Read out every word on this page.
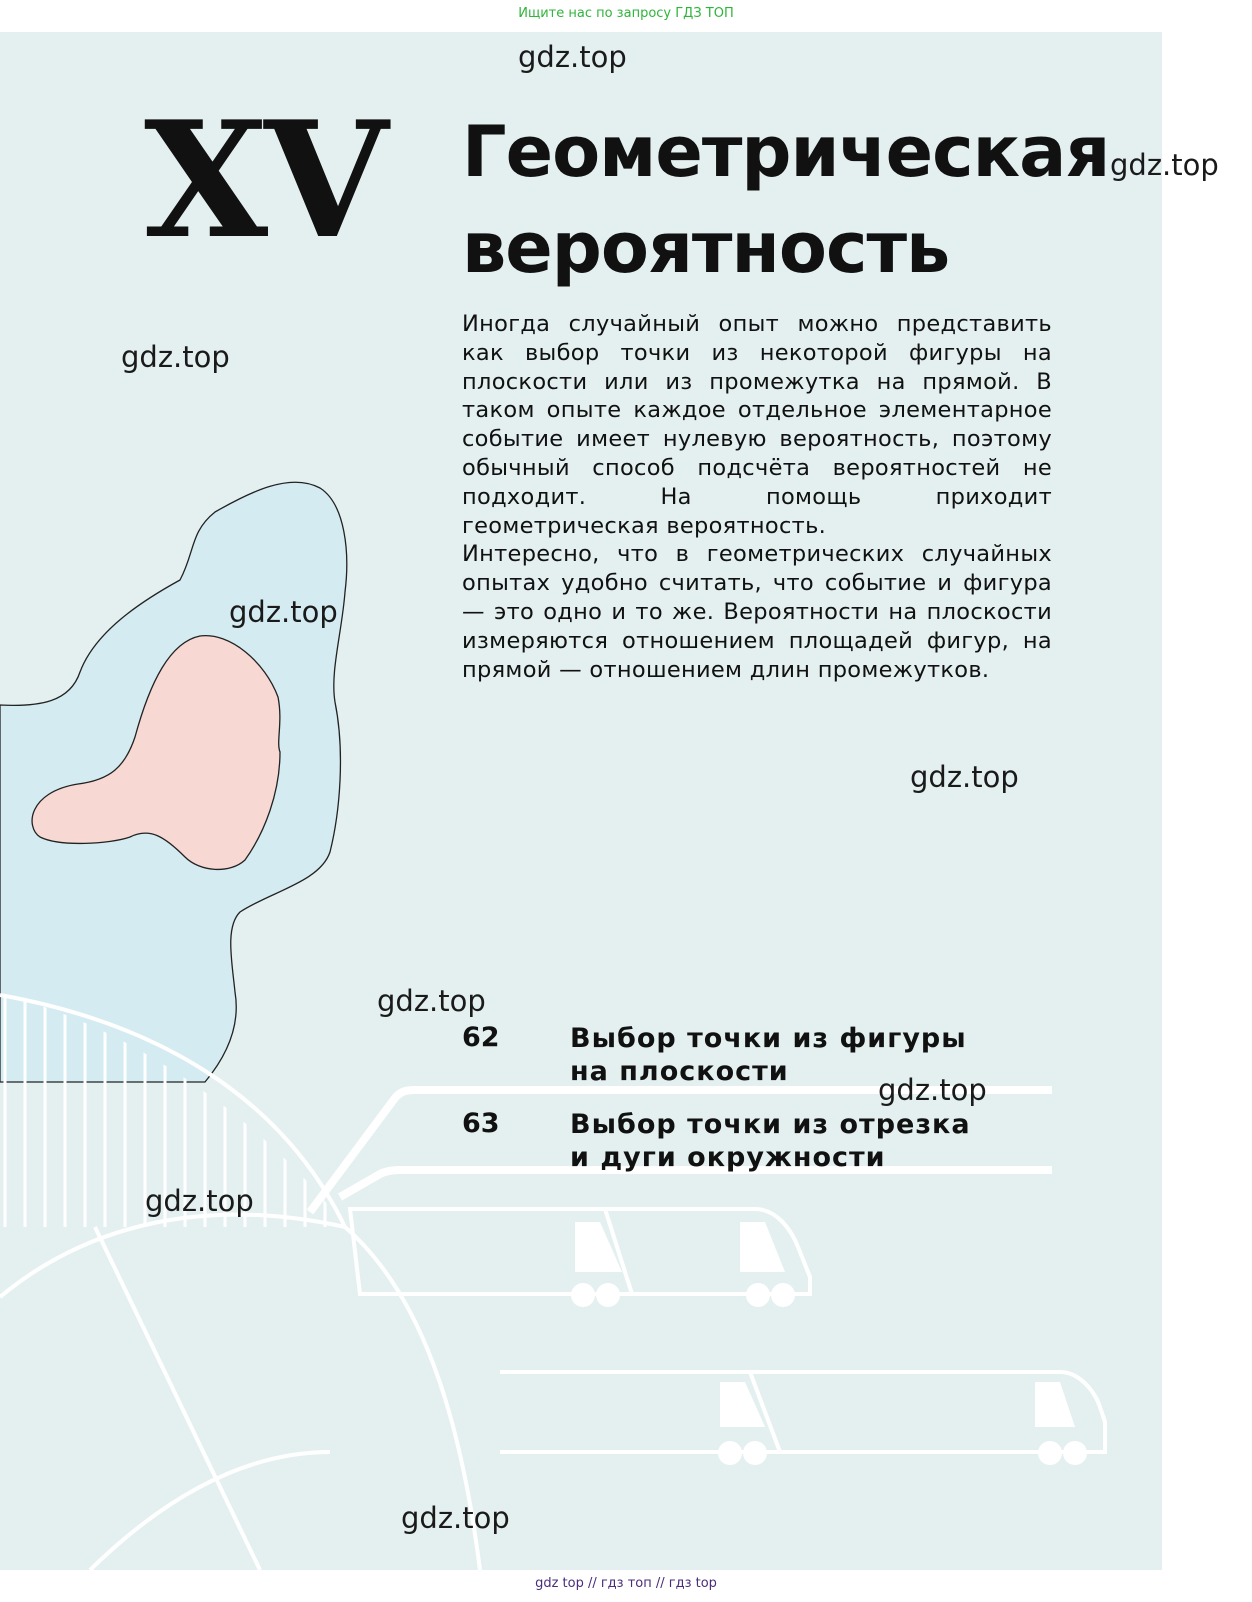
Ищите нас по запросу ГДЗ ТОП
XV Геометрическая
вероятность

Иногда случайный опыт можно представить как выбор точки из некоторой фигуры на плоскости или из промежутка на прямой. В таком опыте каждое отдельное элементарное событие имеет нулевую вероятность, поэтому обычный способ подсчёта вероятностей не подходит. На помощь приходит геометрическая вероятность.

Интересно, что в геометрических случайных опытах удобно считать, что событие и фигура — это одно и то же. Вероятности на плоскости измеряются отношением площадей фигур, на прямой — отношением длин промежутков.

62	Выбор точки из фигуры
на плоскости
63	Выбор точки из отрезка
и дуги окружности
gdz.top
gdz.top
gdz.top
gdz.top
gdz.top
gdz.top
gdz.top
gdz.top
gdz.top
gdz top // гдз топ // гдз top
